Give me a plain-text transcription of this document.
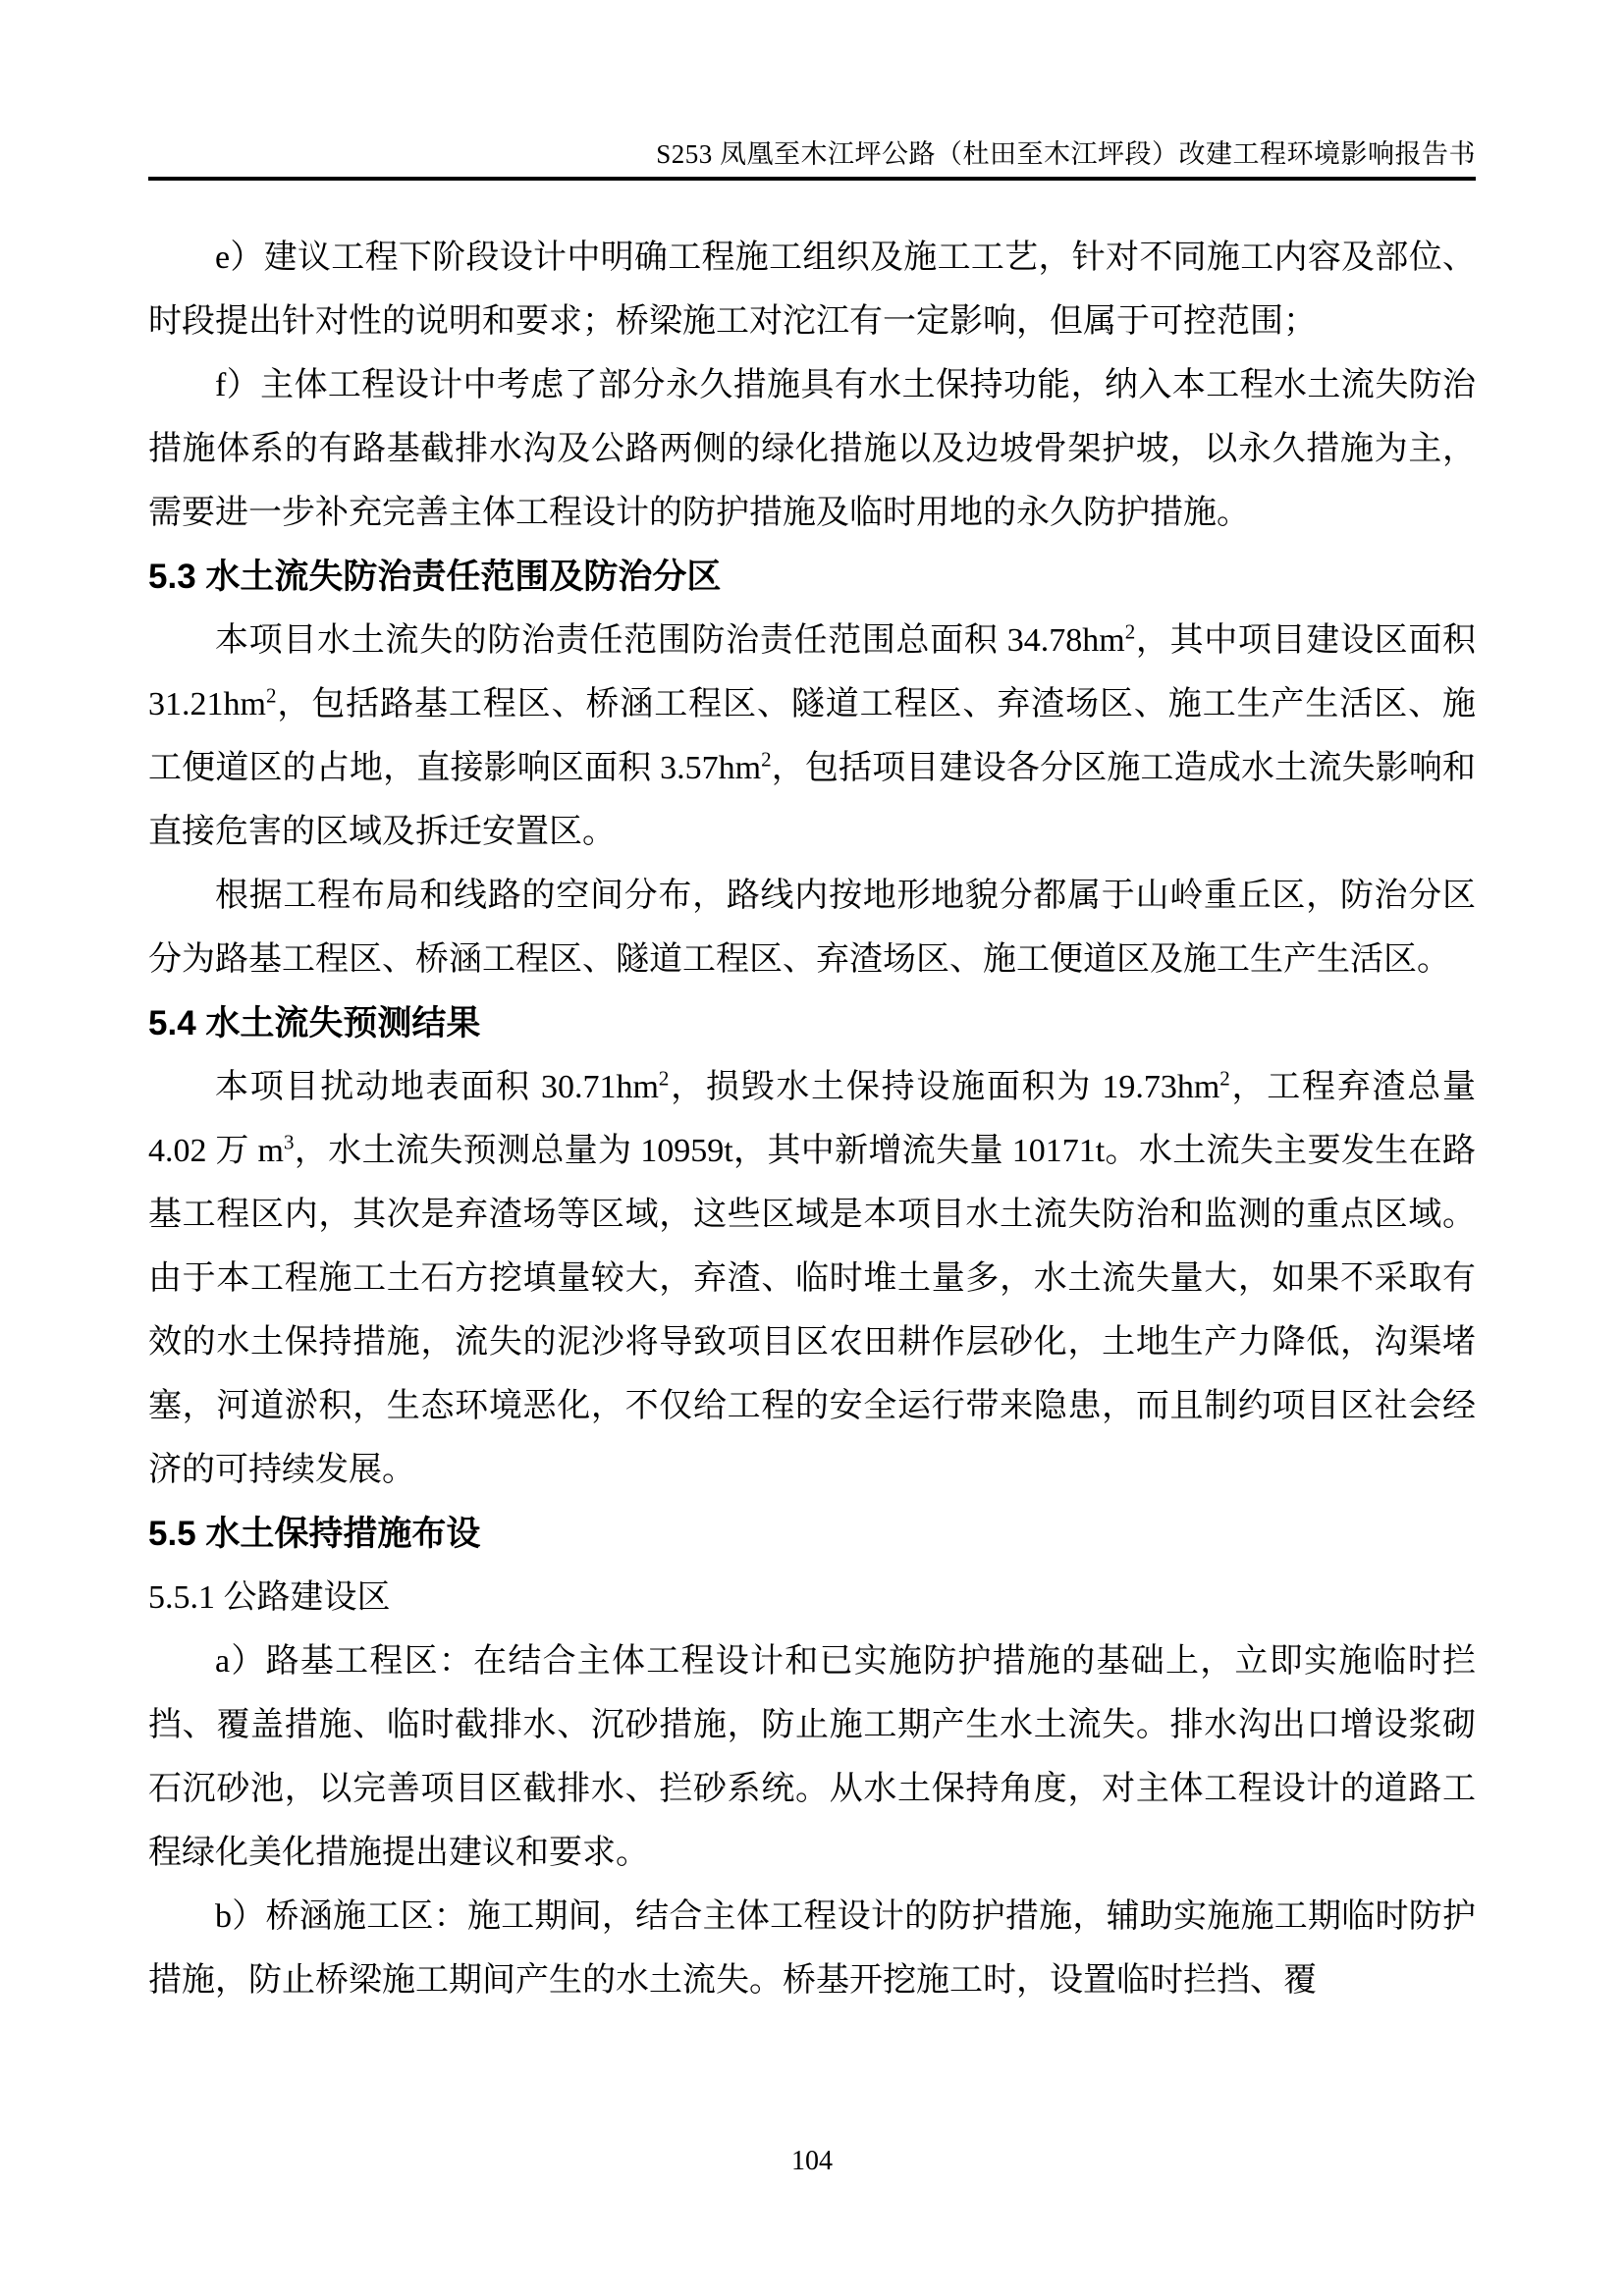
S253 凤凰至木江坪公路（杜田至木江坪段）改建工程环境影响报告书

e）建议工程下阶段设计中明确工程施工组织及施工工艺，针对不同施工内容及部位、时段提出针对性的说明和要求；桥梁施工对沱江有一定影响，但属于可控范围；

f）主体工程设计中考虑了部分永久措施具有水土保持功能，纳入本工程水土流失防治措施体系的有路基截排水沟及公路两侧的绿化措施以及边坡骨架护坡，以永久措施为主，需要进一步补充完善主体工程设计的防护措施及临时用地的永久防护措施。

5.3 水土流失防治责任范围及防治分区

本项目水土流失的防治责任范围防治责任范围总面积 $34.78hm^2$，其中项目建设区面积 $31.21hm^2$，包括路基工程区、桥涵工程区、隧道工程区、弃渣场区、施工生产生活区、施工便道区的占地，直接影响区面积 $3.57hm^2$，包括项目建设各分区施工造成水土流失影响和直接危害的区域及拆迁安置区。

根据工程布局和线路的空间分布，路线内按地形地貌分都属于山岭重丘区，防治分区分为路基工程区、桥涵工程区、隧道工程区、弃渣场区、施工便道区及施工生产生活区。

5.4 水土流失预测结果

本项目扰动地表面积 $30.71hm^2$，损毁水土保持设施面积为 $19.73hm^2$，工程弃渣总量 4.02 万 $m^3$，水土流失预测总量为 10959t，其中新增流失量 10171t。水土流失主要发生在路基工程区内，其次是弃渣场等区域，这些区域是本项目水土流失防治和监测的重点区域。由于本工程施工土石方挖填量较大，弃渣、临时堆土量多，水土流失量大，如果不采取有效的水土保持措施，流失的泥沙将导致项目区农田耕作层砂化，土地生产力降低，沟渠堵塞，河道淤积，生态环境恶化，不仅给工程的安全运行带来隐患，而且制约项目区社会经济的可持续发展。

5.5 水土保持措施布设
5.5.1 公路建设区

a）路基工程区：在结合主体工程设计和已实施防护措施的基础上，立即实施临时拦挡、覆盖措施、临时截排水、沉砂措施，防止施工期产生水土流失。排水沟出口增设浆砌石沉砂池，以完善项目区截排水、拦砂系统。从水土保持角度，对主体工程设计的道路工程绿化美化措施提出建议和要求。

b）桥涵施工区：施工期间，结合主体工程设计的防护措施，辅助实施施工期临时防护措施，防止桥梁施工期间产生的水土流失。桥基开挖施工时，设置临时拦挡、覆

104
